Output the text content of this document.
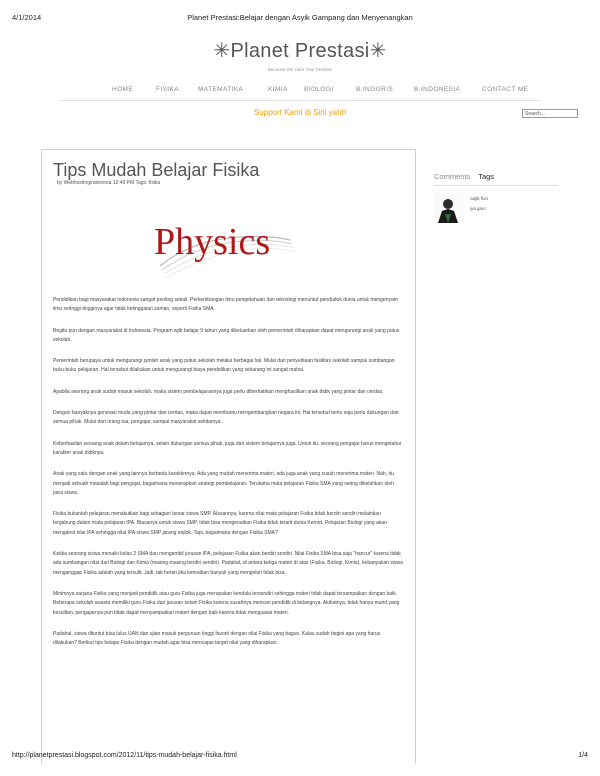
4/1/2014	Planet Prestasi:Belajar dengan Asyik Gampang dan Menyenangkan
✳Planet Prestasi✳
Because We Care Your Prestasi
HOME	FISIKA	MATEMATIKA	KIMIA	BIOLOGI	B.INGGRIS	B.INDONESIA	CONTACT ME
Support Kami di Sini yahh	Search...
Tips Mudah Belajar Fisika
by Webhostingindonesia 12:49 PM Tags: fisika
Physics

Pendidikan bagi masyarakat Indonesia sangat penting sekali. Perkembangan ilmu pengetahuan dan teknologi menuntut penduduk dunia untuk mengenyam ilmu setinggi-tingginya agar tidak ketinggalan zaman, seperti Fisika SMA.

Begitu pun dengan masyarakat di Indonesia. Program wjib belajar 9 tahun yang dikeluarkan oleh pemerintah diharapkan dapat mengurangi anak yang putus sekolah.

Pemerintah berupaya untuk mengurangi jumlah anak yang putus sekolah melalui berbagai hal. Mulai dari penyediaan fasilitas sekolah sampai sumbangan buku-buku pelajaran. Hal tersebut dilakukan untuk mengurangi biaya pendidikan yang sekarang ini sangat mahal.

Apabila seorang anak sudah masuk sekolah, maka sistem pembelajarannya juga perlu diberhatikan menghasilkan anak didik yang pintar dan cerdas.

Dengan banyaknya generasi muda yang pintar dan cerdas, maka dapat membantu mengembangkan negara ini. Hal tersebut tentu saja perlu dukungan dari semua pihak. Mulai dari orang tua, pengajar, sampai masyarakat sekitarnya.

Keberhasilan seorang anak dalam belajarnya, selain dukungan semua pihak, juga dari sistem belajarnya juga. Untuk itu, seorang pengajar harus mengetahui karakter anak didiknya.

Anak yang satu dengan anak yang lainnya berbeda karakternya. Ada yang mudah menerima materi, ada juga anak yang susah menerima materi. Nah, itu menjadi sebuah masalah bagi pengajar, bagaimana menerapkan strategi pembelajaran. Terutama mata pelajaran Fisika SMA yang sering dikeluhkan oleh para siswa.

Fisika bukanlah pelajaran menakutkan bagi sebagian besar siswa SMP. Alasannya, karena nilai mata pelajaran Fisika tidak berdiri sendiri melainkan tergabung dalam mata pelajaran IPA. Biasanya untuk siswa SMP, tidak bisa mengenalkan Fisika tidak terarti dunia Kernet. Pelajaran Biologi yang akan mengatrol nilai IPA sehingga nilai IPA siswa SMP jarang anjlok. Tapi, bagaimana dengan Fisika SMA?

Ketika seorang siswa menaiki kelas 2 SMA dan mengambil jurusan IPA, pelajaran Fisika akan berdiri sendiri. Nilai Fisika SMA bisa saja "hancur" karena tidak ada sumbangan nilai dari Biologi dan Kimia (masing-masing berdiri sendiri). Padahal, di antara ketiga materi di atas (Fisika, Biologi, Kimia), kebanyakan siswa menganggap Fisika adalah yang tersulit. Jadi, tak heran jika kemudian banyak yang mengeluh tidak bisa.

Minimnya sarjana Fisika yang menjadi pendidik atau guru Fisika juga merupakan kendala tersendiri sehingga materi tidak dapat tersampaikan dengan baik. Beberapa sekolah swasta memiliki guru Fisika dari jurusan selain Fisika karena susahnya mencari pendidik di bidangnya. Akibatnya, tidak hanya murid yang kesulitan, pengajarnya pun tidak dapat menyampaikan materi dengan baik karena tidak menguasai materi.

Padahal, siswa dituntut bisa lulus UAN dan ujian masuk perguruan tinggi favorit dengan nilai Fisika yang bagus. Kalau sudah begini apa yang harus dilakukan? Berikut tips belajar Fisika dengan mudah agar bisa mencapai target nilai yang diharapkan.

Comments Tags
najib flon
iya gan!
http://planetprestasi.blogspot.com/2012/11/tips-mudah-belajar-fisika.html	1/4
